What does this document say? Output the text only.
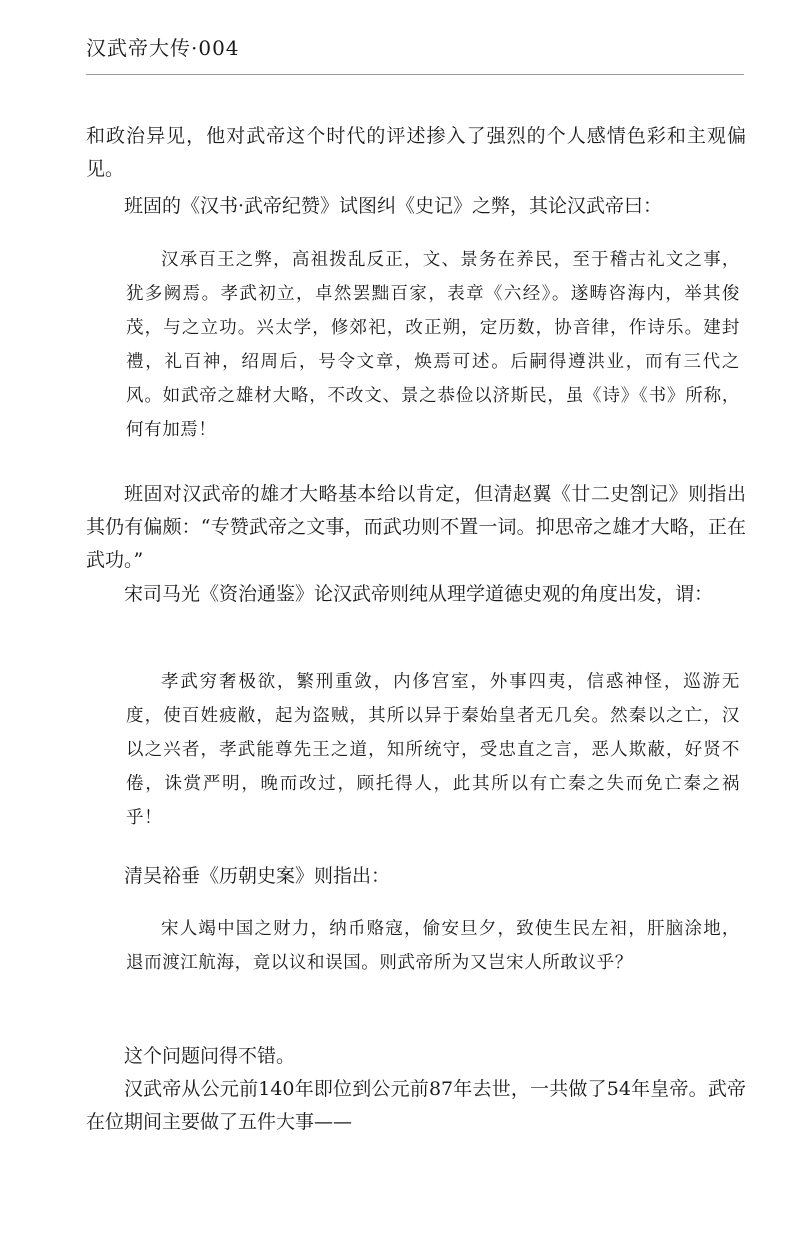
汉武帝大传·004

和政治异见，他对武帝这个时代的评述掺入了强烈的个人感情色彩和主观偏见。

班固的《汉书·武帝纪赞》试图纠《史记》之弊，其论汉武帝曰：

汉承百王之弊，高祖拨乱反正，文、景务在养民，至于稽古礼文之事，犹多阙焉。孝武初立，卓然罢黜百家，表章《六经》。遂畴咨海内，举其俊茂，与之立功。兴太学，修郊祀，改正朔，定历数，协音律，作诗乐。建封禮，礼百神，绍周后，号令文章，焕焉可述。后嗣得遵洪业，而有三代之风。如武帝之雄材大略，不改文、景之恭俭以济斯民，虽《诗》《书》所称，何有加焉！

班固对汉武帝的雄才大略基本给以肯定，但清赵翼《廿二史劄记》则指出其仍有偏颇：“专赞武帝之文事，而武功则不置一词。抑思帝之雄才大略，正在武功。”

宋司马光《资治通鉴》论汉武帝则纯从理学道德史观的角度出发，谓：

孝武穷奢极欲，繁刑重敛，内侈宫室，外事四夷，信惑神怪，巡游无度，使百姓疲敝，起为盗贼，其所以异于秦始皇者无几矣。然秦以之亡，汉以之兴者，孝武能尊先王之道，知所统守，受忠直之言，恶人欺蔽，好贤不倦，诛赏严明，晚而改过，顾托得人，此其所以有亡秦之失而免亡秦之祸乎！

清吴裕垂《历朝史案》则指出：

宋人竭中国之财力，纳币赂寇，偷安旦夕，致使生民左衵，肝脑涂地，退而渡江航海，竟以议和误国。则武帝所为又岂宋人所敢议乎？

这个问题问得不错。

汉武帝从公元前140年即位到公元前87年去世，一共做了54年皇帝。武帝在位期间主要做了五件大事——
